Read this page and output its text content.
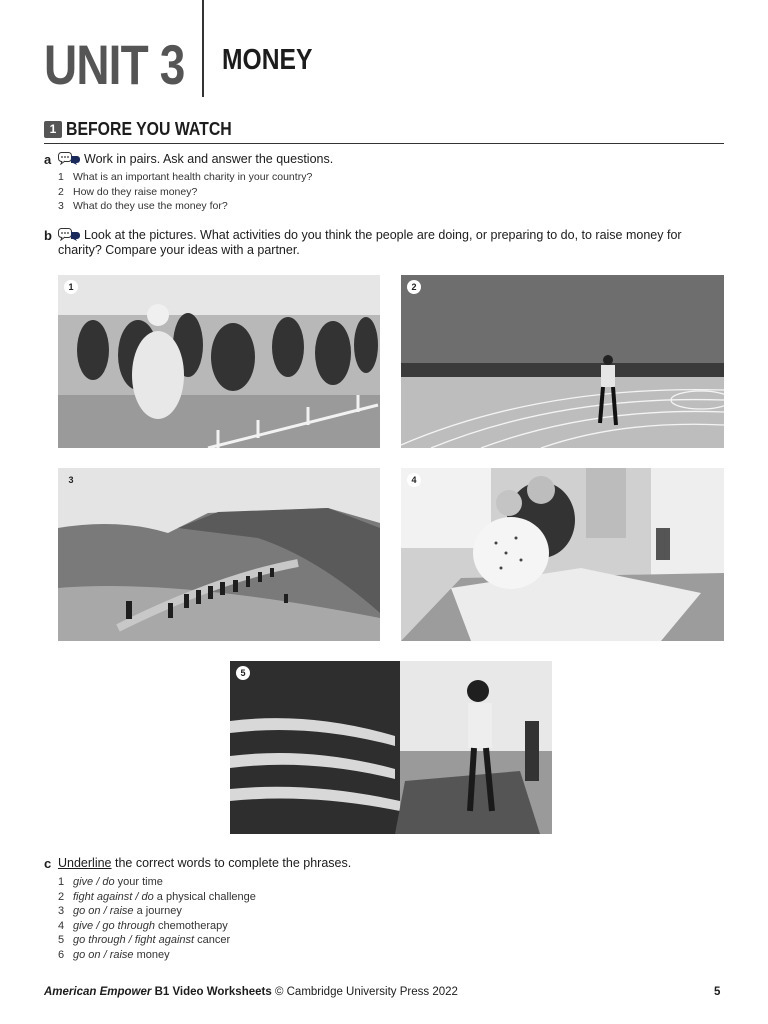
UNIT 3 MONEY
1 BEFORE YOU WATCH
a	Work in pairs. Ask and answer the questions.
1 What is an important health charity in your country?
2 How do they raise money?
3 What do they use the money for?
b	Look at the pictures. What activities do you think the people are doing, or preparing to do, to raise money for
charity? Compare your ideas with a partner.
1	2
3	4
5
c Underline the correct words to complete the phrases.
1 give / do your time
2 fight against / do a physical challenge
3 go on / raise a journey
4 give / go through chemotherapy
5 go through / fight against cancer
6 go on / raise money
American Empower B1 Video Worksheets © Cambridge University Press 2022	5
